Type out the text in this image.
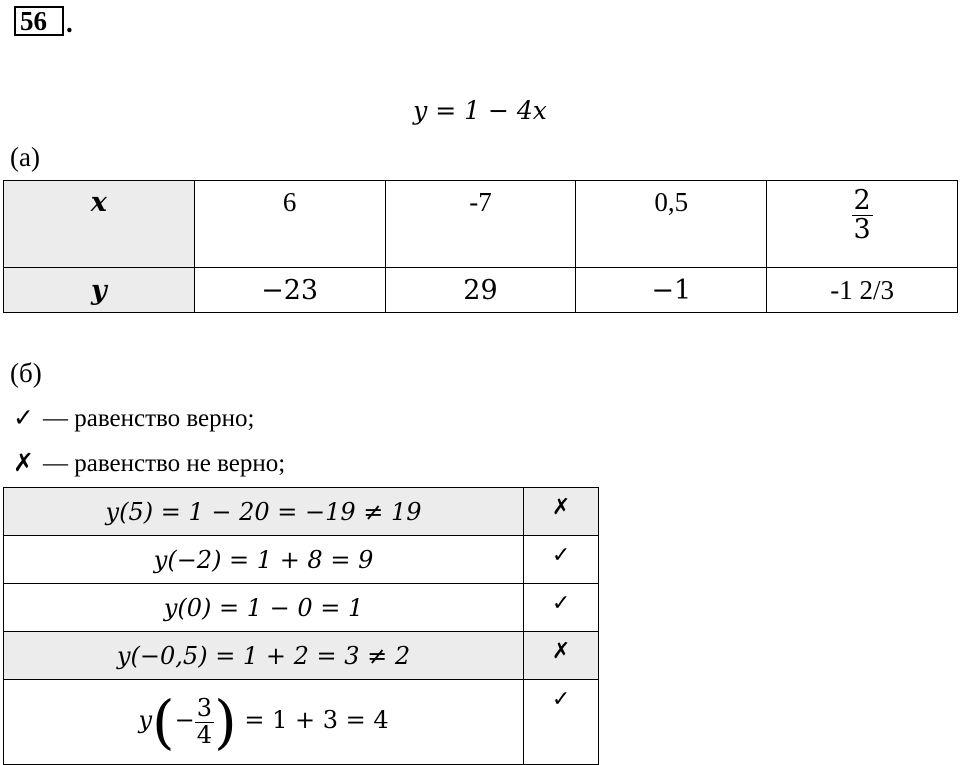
56 .
y = 1 − 4x
(а)
x	6	-7	0,5	$\frac{2}{3}$

y	−23	29	−1	-1 2/3
(б)
✓ — равенство верно;
✗ — равенство не верно;
y(5) = 1 − 20 = −19 ≠ 19	✗
y(−2) = 1 + 8 = 9	✓
y(0) = 1 − 0 = 1	✓
y(−0,5) = 1 + 2 = 3 ≠ 2	✗
$y(- \frac{3}{4}$ ) = 1 + 3 = 4	✓
